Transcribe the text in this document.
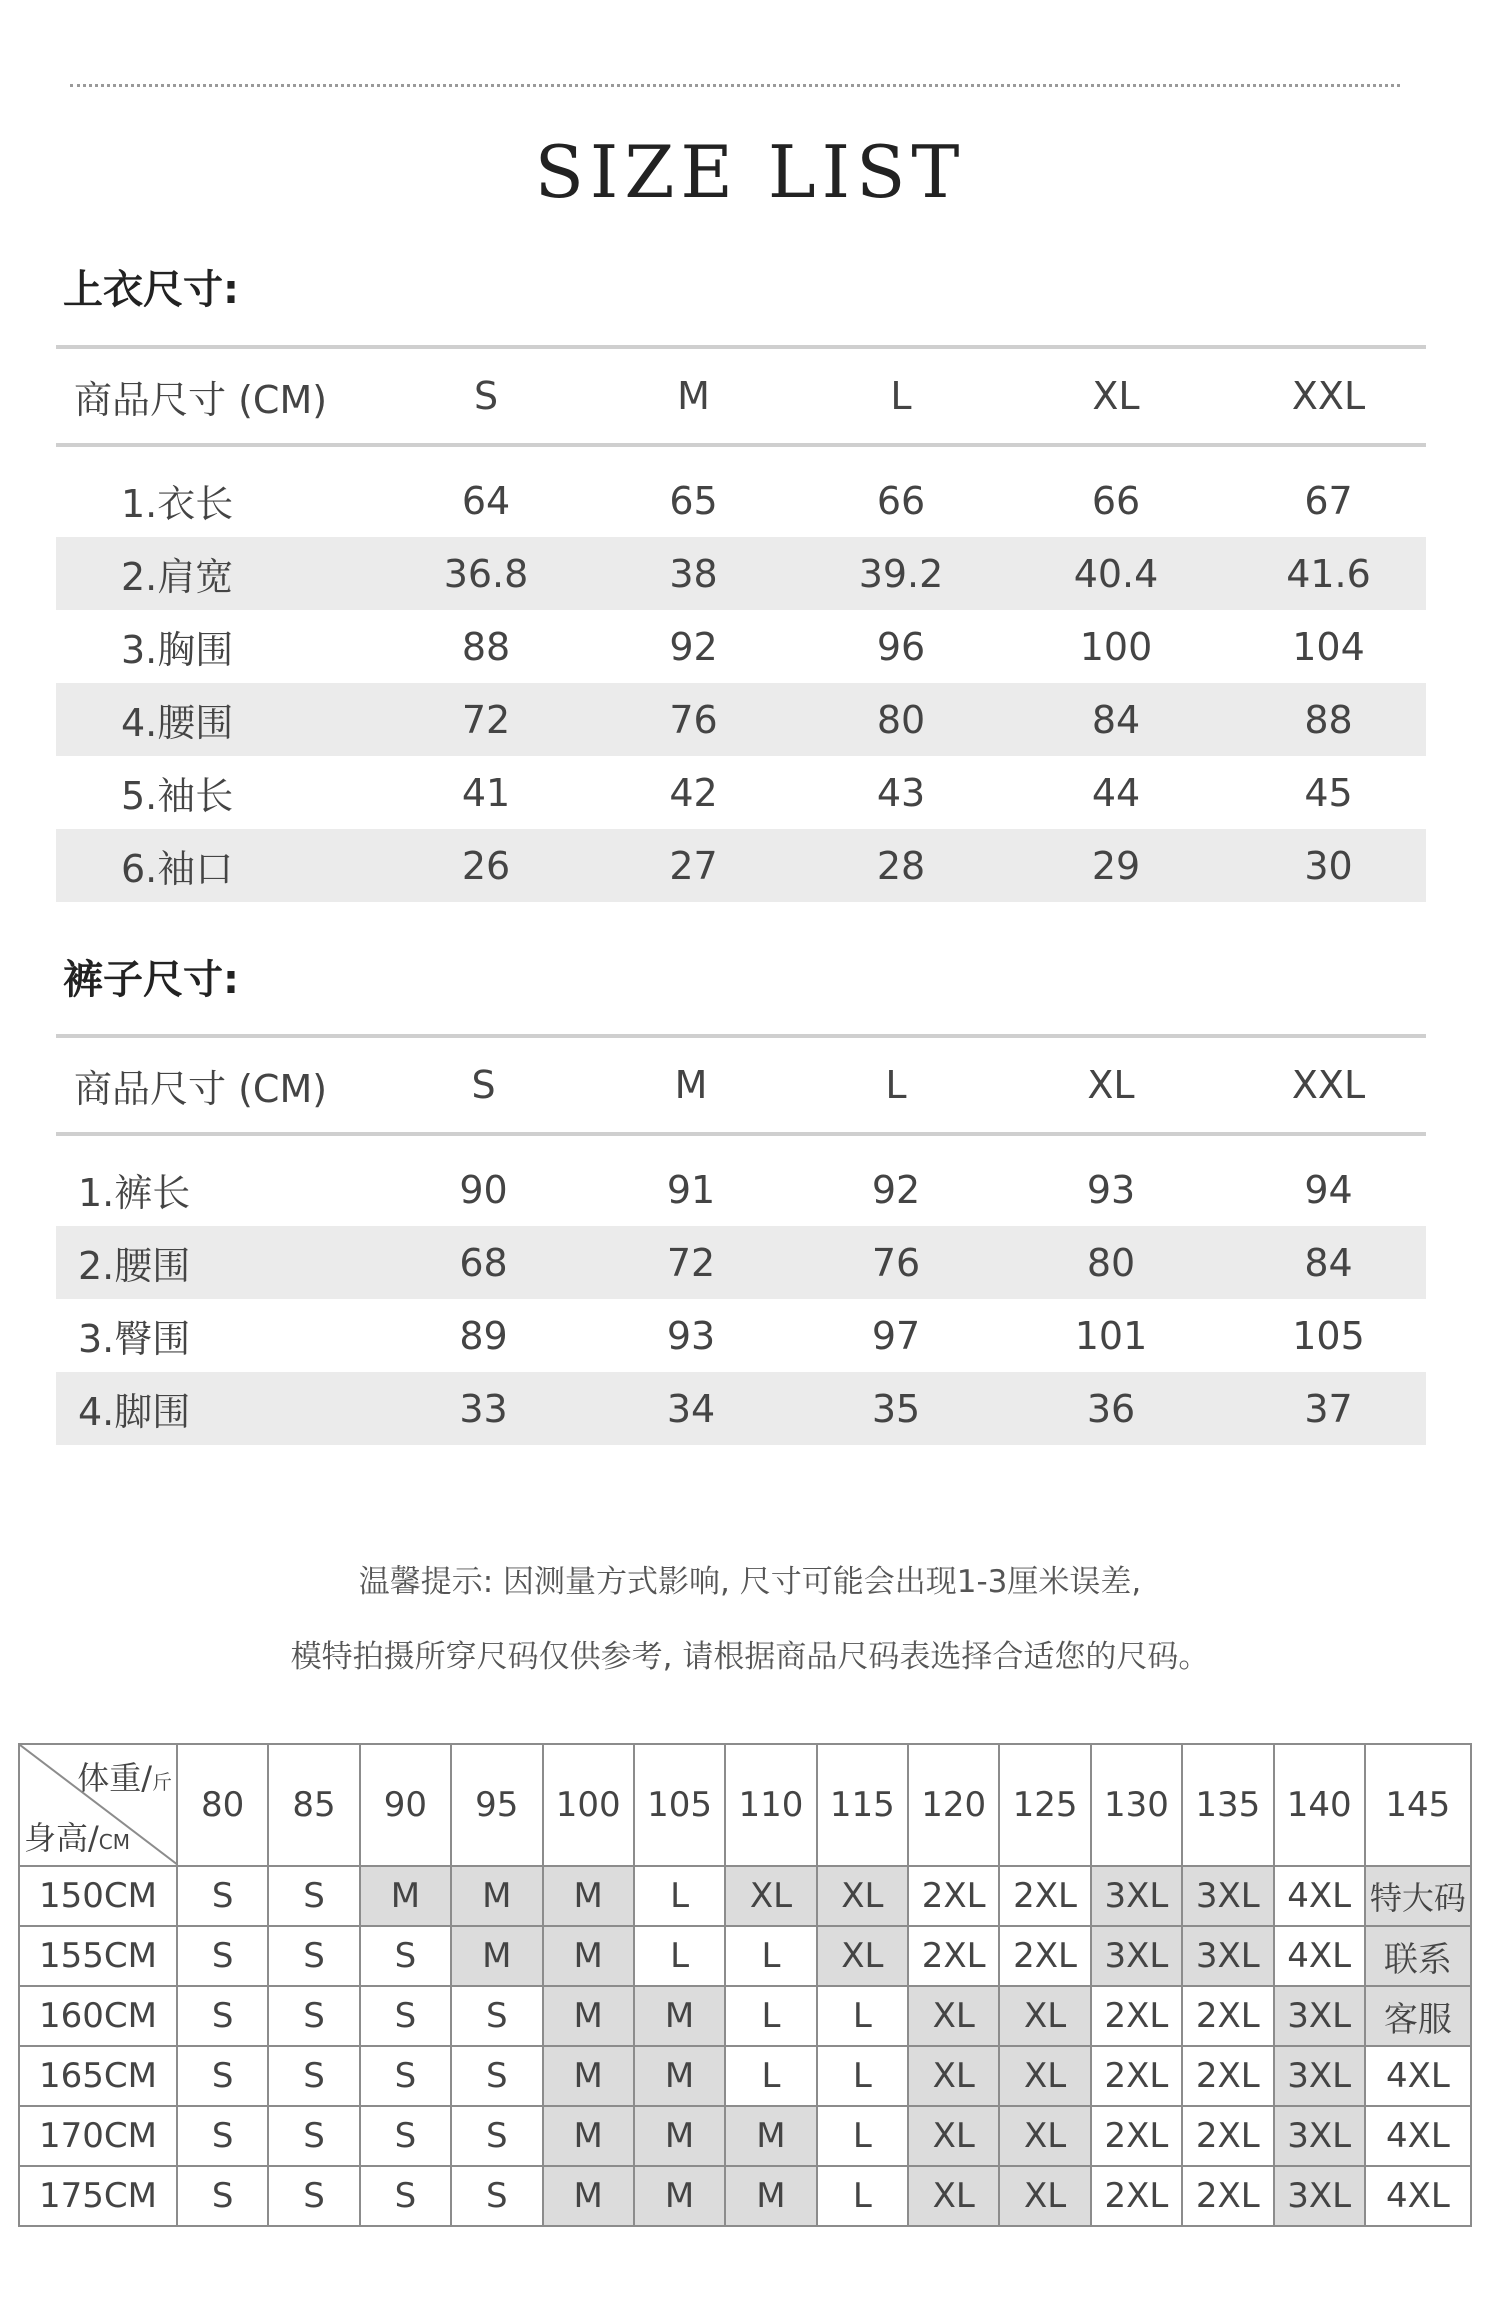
SIZE LIST
上衣尺寸:
商品尺寸 (CM)	S	M	L	XL	XXL
1.衣长	64	65	66	66	67
2.肩宽	36.8	38	39.2	40.4	41.6
3.胸围	88	92	96	100	104
4.腰围	72	76	80	84	88
5.袖长	41	42	43	44	45
6.袖口	26	27	28	29	30
裤子尺寸:
商品尺寸 (CM)	S	M	L	XL	XXL
1.裤长	90	91	92	93	94
2.腰围	68	72	76	80	84
3.臀围	89	93	97	101	105
4.脚围	33	34	35	36	37
温馨提示: 因测量方式影响, 尺寸可能会出现1-3厘米误差,
模特拍摄所穿尺码仅供参考, 请根据商品尺码表选择合适您的尺码。
体重/斤
身高/CM	80	85	90	95	100	105	110	115	120	125	130	135	140	145
150CM	S	S	M	M	M	L	XL	XL	2XL	2XL	3XL	3XL	4XL	特大码
155CM	S	S	S	M	M	L	L	XL	2XL	2XL	3XL	3XL	4XL	联系
160CM	S	S	S	S	M	M	L	L	XL	XL	2XL	2XL	3XL	客服
165CM	S	S	S	S	M	M	L	L	XL	XL	2XL	2XL	3XL	4XL
170CM	S	S	S	S	M	M	M	L	XL	XL	2XL	2XL	3XL	4XL
175CM	S	S	S	S	M	M	M	L	XL	XL	2XL	2XL	3XL	4XL
